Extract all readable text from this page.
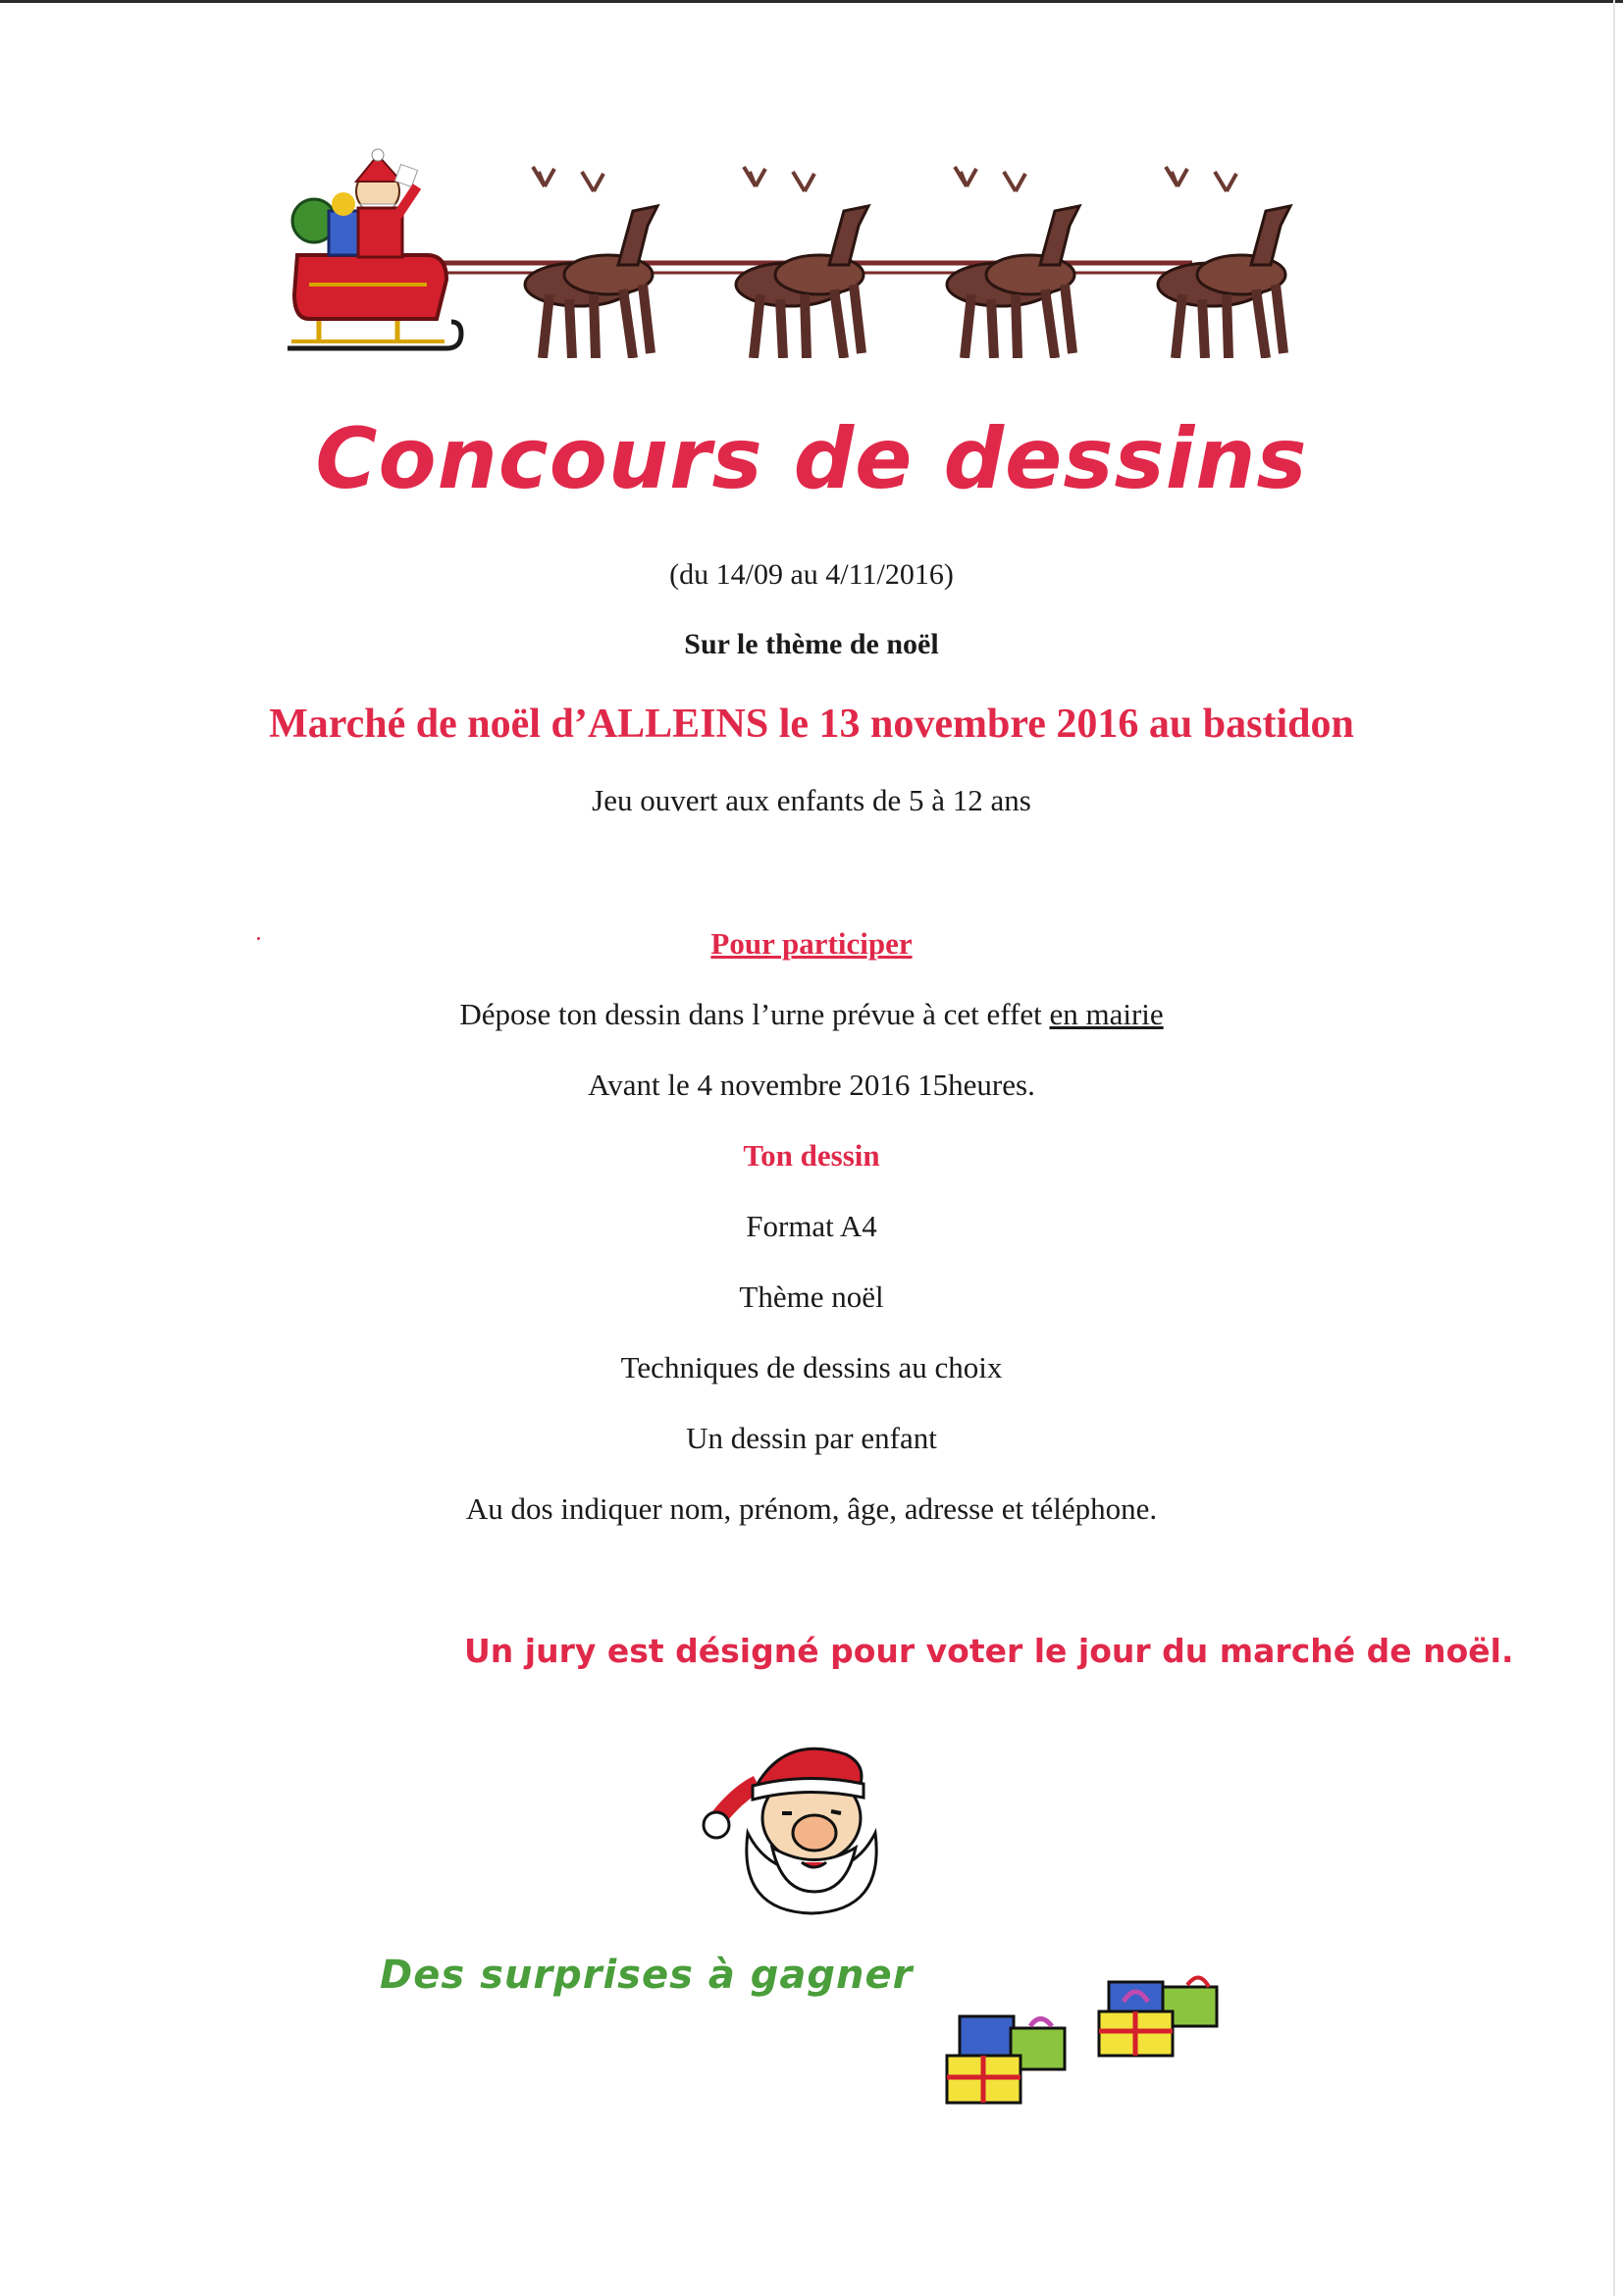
Concours de dessins
(du 14/09 au 4/11/2016)
Sur le thème de noël
Marché de noël d’ALLEINS le 13 novembre 2016 au bastidon
Jeu ouvert aux enfants de 5 à 12 ans
Pour participer
Dépose ton dessin dans l’urne prévue à cet effet en mairie
Avant le 4 novembre 2016 15heures.
Ton dessin
Format A4
Thème noël
Techniques de dessins au choix
Un dessin par enfant
Au dos indiquer nom, prénom, âge, adresse et téléphone.
Un jury est désigné pour voter le jour du marché de noël.
Des surprises à gagner
